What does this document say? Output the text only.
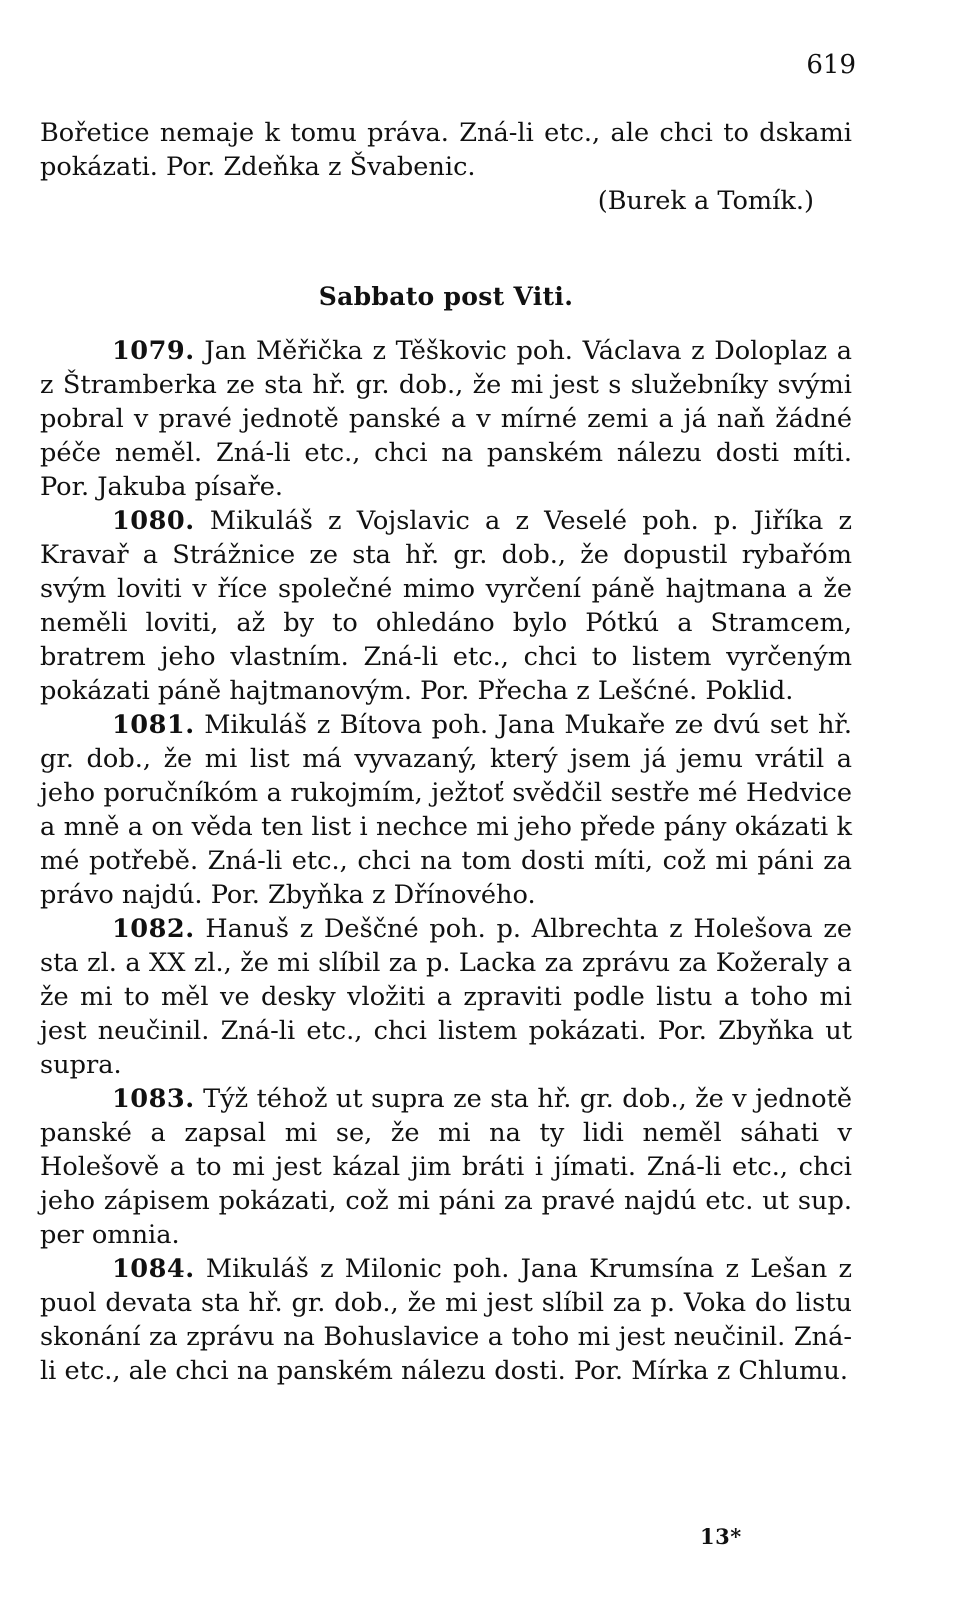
619

Bořetice nemaje k tomu práva. Zná-li etc., ale chci to dskami pokázati. Por. Zdeňka z Švabenic.

(Burek a Tomík.)

Sabbato post Viti.

1079. Jan Měřička z Těškovic poh. Václava z Doloplaz a z Štramberka ze sta hř. gr. dob., že mi jest s služebníky svými pobral v pravé jednotě panské a v mírné zemi a já naň žádné péče neměl. Zná-li etc., chci na panském nálezu dosti míti. Por. Jakuba písaře.

1080. Mikuláš z Vojslavic a z Veselé poh. p. Jiříka z Kravař a Strážnice ze sta hř. gr. dob., že dopustil rybařóm svým loviti v říce společné mimo vyrčení páně hajtmana a že neměli loviti, až by to ohledáno bylo Pótkú a Stramcem, bratrem jeho vlastním. Zná-li etc., chci to listem vyrčeným pokázati páně hajtmanovým. Por. Přecha z Lešćné. Poklid.

1081. Mikuláš z Bítova poh. Jana Mukaře ze dvú set hř. gr. dob., že mi list má vyvazaný, který jsem já jemu vrátil a jeho poručníkóm a rukojmím, ježtoť svědčil sestře mé Hedvice a mně a on věda ten list i nechce mi jeho přede pány okázati k mé potřebě. Zná-li etc., chci na tom dosti míti, což mi páni za právo najdú. Por. Zbyňka z Dřínového.

1082. Hanuš z Deščné poh. p. Albrechta z Holešova ze sta zl. a XX zl., že mi slíbil za p. Lacka za zprávu za Kožeraly a že mi to měl ve desky vložiti a zpraviti podle listu a toho mi jest neučinil. Zná-li etc., chci listem pokázati. Por. Zbyňka ut supra.

1083. Týž téhož ut supra ze sta hř. gr. dob., že v jednotě panské a zapsal mi se, že mi na ty lidi neměl sáhati v Holešově a to mi jest kázal jim bráti i jímati. Zná-li etc., chci jeho zápisem pokázati, což mi páni za pravé najdú etc. ut sup. per omnia.

1084. Mikuláš z Milonic poh. Jana Krumsína z Lešan z puol devata sta hř. gr. dob., že mi jest slíbil za p. Voka do listu skonání za zprávu na Bohuslavice a toho mi jest neučinil. Zná-li etc., ale chci na panském nálezu dosti. Por. Mírka z Chlumu.

13*
